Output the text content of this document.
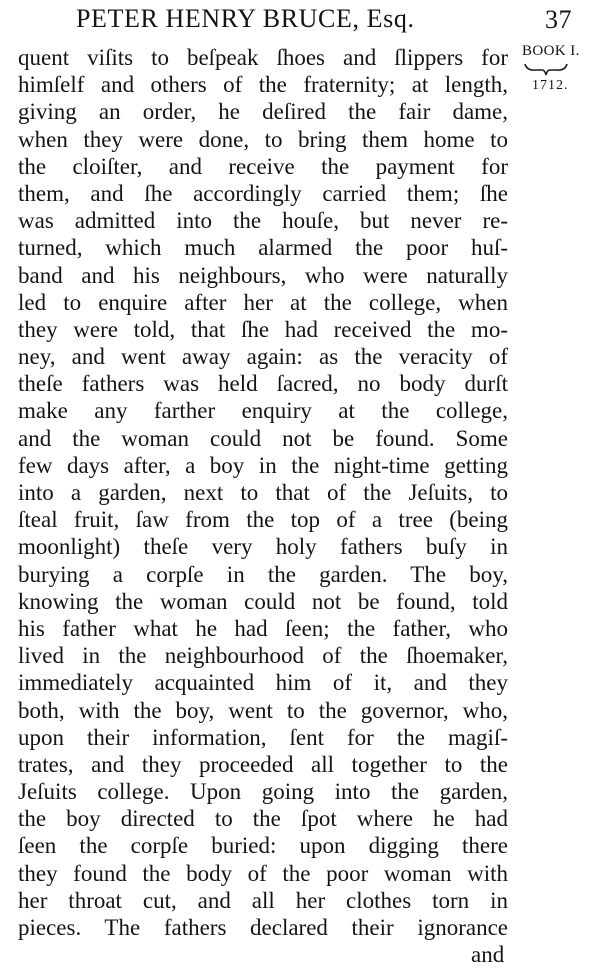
PETER HENRY BRUCE, Esq.	37
BOOK I.
1712.
quent viſits to beſpeak ſhoes and ſlippers for
himſelf and others of the fraternity; at length,
giving an order, he deſired the fair dame,
when they were done, to bring them home to
the cloiſter, and receive the payment for
them, and ſhe accordingly carried them; ſhe
was admitted into the houſe, but never re-
turned, which much alarmed the poor huſ-
band and his neighbours, who were naturally
led to enquire after her at the college, when
they were told, that ſhe had received the mo-
ney, and went away again: as the veracity of
theſe fathers was held ſacred, no body durſt
make any farther enquiry at the college,
and the woman could not be found. Some
few days after, a boy in the night-time getting
into a garden, next to that of the Jeſuits, to
ſteal fruit, ſaw from the top of a tree (being
moonlight) theſe very holy fathers buſy in
burying a corpſe in the garden. The boy,
knowing the woman could not be found, told
his father what he had ſeen; the father, who
lived in the neighbourhood of the ſhoemaker,
immediately acquainted him of it, and they
both, with the boy, went to the governor, who,
upon their information, ſent for the magiſ-
trates, and they proceeded all together to the
Jeſuits college. Upon going into the garden,
the boy directed to the ſpot where he had
ſeen the corpſe buried: upon digging there
they found the body of the poor woman with
her throat cut, and all her clothes torn in
pieces. The fathers declared their ignorance
and
